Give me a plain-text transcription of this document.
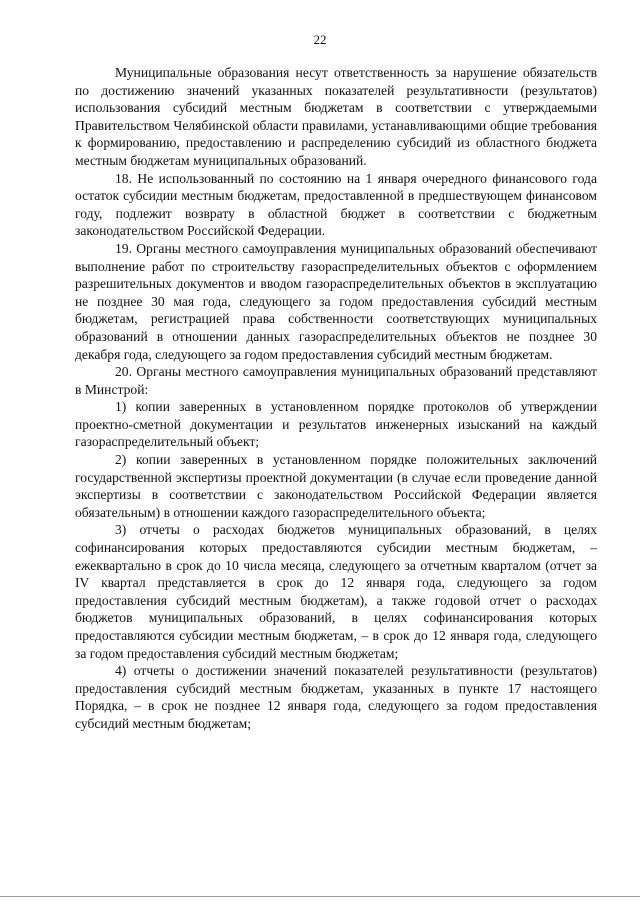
22

Муниципальные образования несут ответственность за нарушение обязательств по достижению значений указанных показателей результативности (результатов) использования субсидий местным бюджетам в соответствии с утверждаемыми Правительством Челябинской области правилами, устанавливающими общие требования к формированию, предоставлению и распределению субсидий из областного бюджета местным бюджетам муниципальных образований.

18. Не использованный по состоянию на 1 января очередного финансового года остаток субсидии местным бюджетам, предоставленной в предшествующем финансовом году, подлежит возврату в областной бюджет в соответствии с бюджетным законодательством Российской Федерации.

19. Органы местного самоуправления муниципальных образований обеспечивают выполнение работ по строительству газораспределительных объектов с оформлением разрешительных документов и вводом газораспределительных объектов в эксплуатацию не позднее 30 мая года, следующего за годом предоставления субсидий местным бюджетам, регистрацией права собственности соответствующих муниципальных образований в отношении данных газораспределительных объектов не позднее 30 декабря года, следующего за годом предоставления субсидий местным бюджетам.

20. Органы местного самоуправления муниципальных образований представляют в Минстрой:

1) копии заверенных в установленном порядке протоколов об утверждении проектно-сметной документации и результатов инженерных изысканий на каждый газораспределительный объект;

2) копии заверенных в установленном порядке положительных заключений государственной экспертизы проектной документации (в случае если проведение данной экспертизы в соответствии с законодательством Российской Федерации является обязательным) в отношении каждого газораспределительного объекта;

3) отчеты о расходах бюджетов муниципальных образований, в целях софинансирования которых предоставляются субсидии местным бюджетам, – ежеквартально в срок до 10 числа месяца, следующего за отчетным кварталом (отчет за IV квартал представляется в срок до 12 января года, следующего за годом предоставления субсидий местным бюджетам), а также годовой отчет о расходах бюджетов муниципальных образований, в целях софинансирования которых предоставляются субсидии местным бюджетам, – в срок до 12 января года, следующего за годом предоставления субсидий местным бюджетам;

4) отчеты о достижении значений показателей результативности (результатов) предоставления субсидий местным бюджетам, указанных в пункте 17 настоящего Порядка, – в срок не позднее 12 января года, следующего за годом предоставления субсидий местным бюджетам;
